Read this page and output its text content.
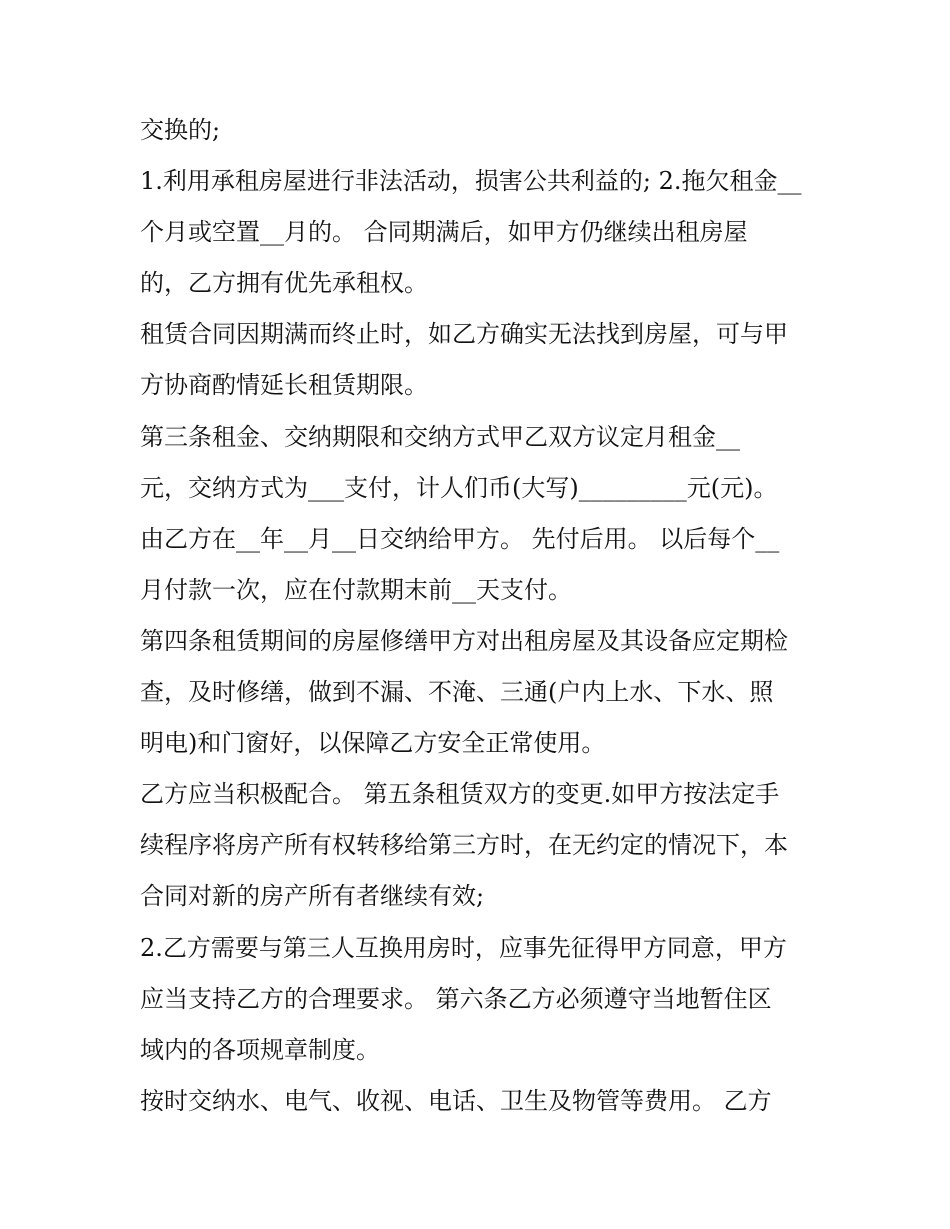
交换的;
1.利用承租房屋进行非法活动，损害公共利益的; 2.拖欠租金__
个月或空置__月的。 合同期满后，如甲方仍继续出租房屋
的，乙方拥有优先承租权。
租赁合同因期满而终止时，如乙方确实无法找到房屋，可与甲
方协商酌情延长租赁期限。
第三条租金、交纳期限和交纳方式甲乙双方议定月租金__
元，交纳方式为___支付，计人们币(大写)_________元(元)。
由乙方在__年__月__日交纳给甲方。 先付后用。 以后每个__
月付款一次，应在付款期末前__天支付。
第四条租赁期间的房屋修缮甲方对出租房屋及其设备应定期检
查，及时修缮，做到不漏、不淹、三通(户内上水、下水、照
明电)和门窗好，以保障乙方安全正常使用。
乙方应当积极配合。 第五条租赁双方的变更.如甲方按法定手
续程序将房产所有权转移给第三方时，在无约定的情况下，本
合同对新的房产所有者继续有效;
2.乙方需要与第三人互换用房时，应事先征得甲方同意，甲方
应当支持乙方的合理要求。 第六条乙方必须遵守当地暂住区
域内的各项规章制度。
按时交纳水、电气、收视、电话、卫生及物管等费用。 乙方
